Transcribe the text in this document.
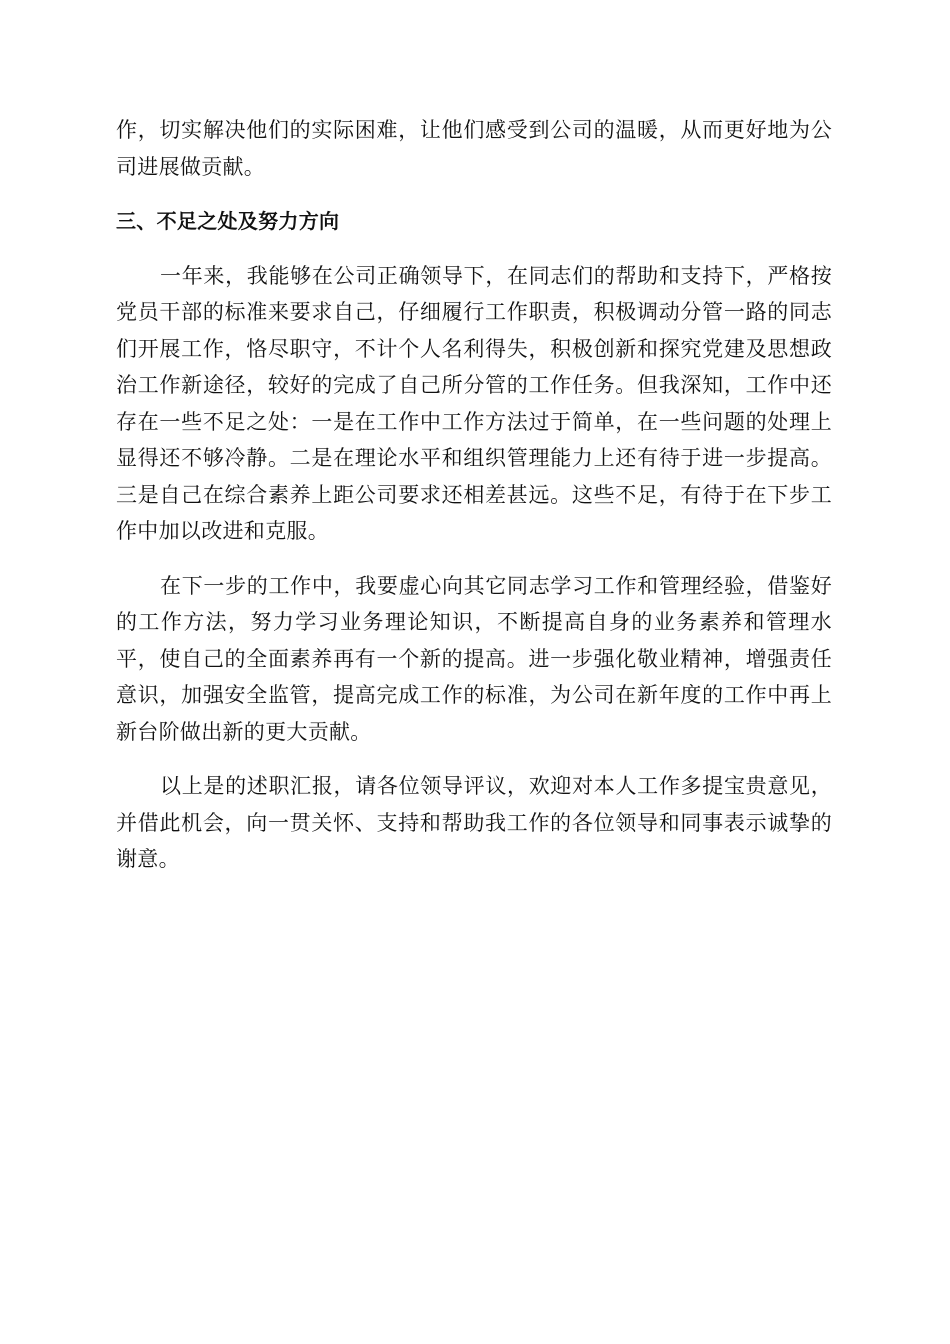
作，切实解决他们的实际困难，让他们感受到公司的温暖，从而更好地为公司进展做贡献。

三、不足之处及努力方向

一年来，我能够在公司正确领导下，在同志们的帮助和支持下，严格按党员干部的标准来要求自己，仔细履行工作职责，积极调动分管一路的同志们开展工作，恪尽职守，不计个人名利得失，积极创新和探究党建及思想政治工作新途径，较好的完成了自己所分管的工作任务。但我深知，工作中还存在一些不足之处：一是在工作中工作方法过于简单，在一些问题的处理上显得还不够冷静。二是在理论水平和组织管理能力上还有待于进一步提高。三是自己在综合素养上距公司要求还相差甚远。这些不足，有待于在下步工作中加以改进和克服。

在下一步的工作中，我要虚心向其它同志学习工作和管理经验，借鉴好的工作方法，努力学习业务理论知识，不断提高自身的业务素养和管理水平，使自己的全面素养再有一个新的提高。进一步强化敬业精神，增强责任意识，加强安全监管，提高完成工作的标准，为公司在新年度的工作中再上新台阶做出新的更大贡献。

以上是的述职汇报，请各位领导评议，欢迎对本人工作多提宝贵意见，并借此机会，向一贯关怀、支持和帮助我工作的各位领导和同事表示诚挚的谢意。
